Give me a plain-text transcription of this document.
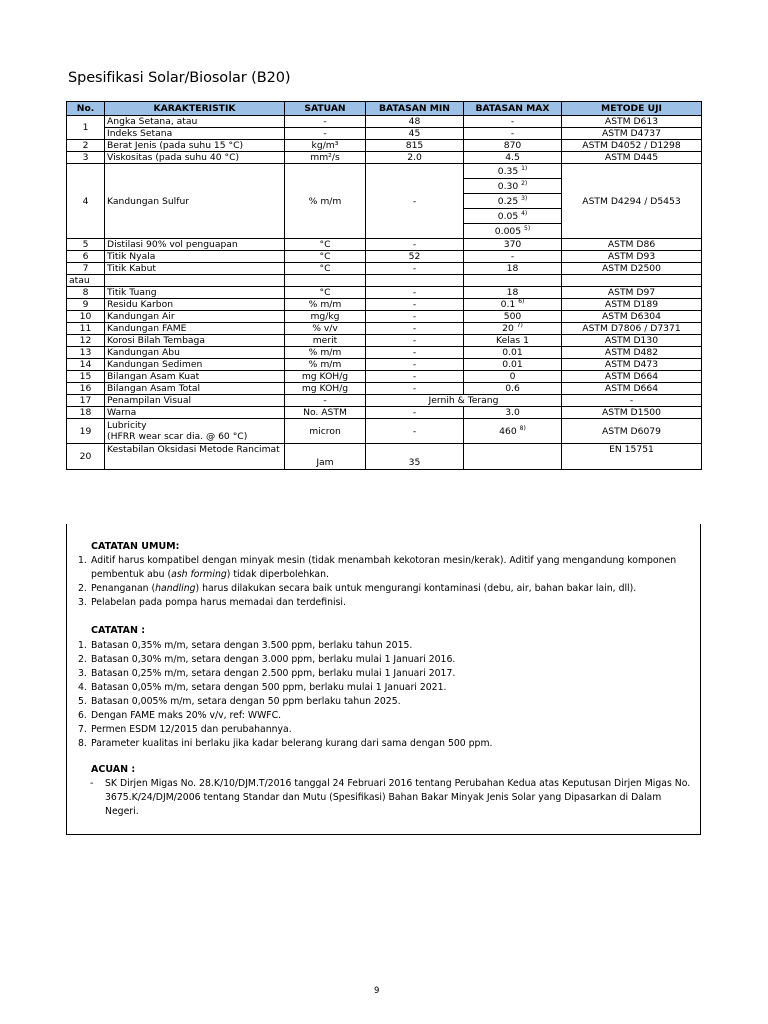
Spesifikasi Solar/Biosolar (B20)
No.	KARAKTERISTIK	SATUAN	BATASAN MIN	BATASAN MAX	METODE UJI
1	Angka Setana, atau	-	48	-	ASTM D613
	Indeks Setana	-	45	-	ASTM D4737
2	Berat Jenis (pada suhu 15 °C)	kg/m³	815	870	ASTM D4052 / D1298
3	Viskositas (pada suhu 40 °C)	mm²/s	2.0	4.5	ASTM D445
4	Kandungan Sulfur	% m/m	-	0.35 $^{1)}$	ASTM D4294 / D5453
				0.30 $^{2)}$
				0.25 $^{3)}$
				0.05 $^{4)}$
				0.005 $^{5)}$
5	Distilasi 90% vol penguapan	°C	-	370	ASTM D86
6	Titik Nyala	°C	52	-	ASTM D93
7	Titik Kabut	°C	-	18	ASTM D2500
atau					
8	Titik Tuang	°C	-	18	ASTM D97
9	Residu Karbon	% m/m	-	0.1 $^{6)}$	ASTM D189
10	Kandungan Air	mg/kg	-	500	ASTM D6304
11	Kandungan FAME	% v/v	-	20 $^{7)}$	ASTM D7806 / D7371
12	Korosi Bilah Tembaga	merit	-	Kelas 1	ASTM D130
13	Kandungan Abu	% m/m	-	0.01	ASTM D482
14	Kandungan Sedimen	% m/m	-	0.01	ASTM D473
15	Bilangan Asam Kuat	mg KOH/g	-	0	ASTM D664
16	Bilangan Asam Total	mg KOH/g	-	0.6	ASTM D664
17	Penampilan Visual	-	Jernih & Terang		-
18	Warna	No. ASTM	-	3.0	ASTM D1500
19	Lubricity
(HFRR wear scar dia. @ 60 °C)	micron	-	460 $^{8)}$	ASTM D6079
20	Kestabilan Oksidasi Metode Rancimat	Jam	35		EN 15751
CATATAN UMUM:
1. Aditif harus kompatibel dengan minyak mesin (tidak menambah kekotoran mesin/kerak). Aditif yang mengandung komponen pembentuk abu (ash forming) tidak diperbolehkan.
2. Penanganan (handling) harus dilakukan secara baik untuk mengurangi kontaminasi (debu, air, bahan bakar lain, dll).
3. Pelabelan pada pompa harus memadai dan terdefinisi.
CATATAN :
1. Batasan 0,35% m/m, setara dengan 3.500 ppm, berlaku tahun 2015.
2. Batasan 0,30% m/m, setara dengan 3.000 ppm, berlaku mulai 1 Januari 2016.
3. Batasan 0,25% m/m, setara dengan 2.500 ppm, berlaku mulai 1 Januari 2017.
4. Batasan 0,05% m/m, setara dengan 500 ppm, berlaku mulai 1 Januari 2021.
5. Batasan 0,005% m/m, setara dengan 50 ppm berlaku tahun 2025.
6. Dengan FAME maks 20% v/v, ref: WWFC.
7. Permen ESDM 12/2015 dan perubahannya.
8. Parameter kualitas ini berlaku jika kadar belerang kurang dari sama dengan 500 ppm.
ACUAN :
-	SK Dirjen Migas No. 28.K/10/DJM.T/2016 tanggal 24 Februari 2016 tentang Perubahan Kedua atas Keputusan Dirjen Migas No. 3675.K/24/DJM/2006 tentang Standar dan Mutu (Spesifikasi) Bahan Bakar Minyak Jenis Solar yang Dipasarkan di Dalam Negeri.
9
